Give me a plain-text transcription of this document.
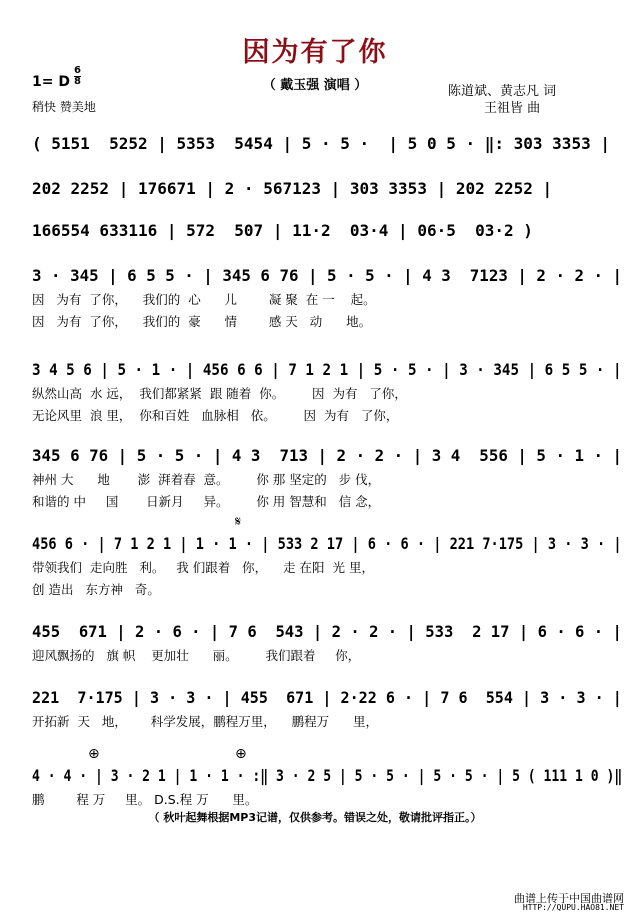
因为有了你
（ 戴玉强 演唱 ）
1= D
6
8
稍快 赞美地
陈道斌、黄志凡 词
王祖皆 曲
( 5151  5252 | 5353  5454 | 5 · 5 ·  | 5 0 5 · ‖: 303 3353 |
202 2252 | 176671 | 2 · 567123 | 303 3353 | 202 2252 |
166554 633116 | 572  507 | 11·2  03·4 | 06·5  03·2 )
3 · 345 | 6 5 5 · | 345 6 76 | 5 · 5 · | 4 3  7123 | 2 · 2 · |
因   为有  了你，    我们的  心      儿        凝 聚  在 一    起。
因   为有  了你，    我们的  豪      情        感 天   动      地。
3 4 5 6 | 5 · 1 · | 456 6 6 | 7 1 2 1 | 5 · 5 · | 3 · 345 | 6 5 5 · |
纵然山高  水 远，  我们都紧紧  跟 随着  你。       因  为有   了你，
无论风里  浪 里，  你和百姓   血脉相   依。       因  为有   了你，
345 6 76 | 5 · 5 · | 4 3  713 | 2 · 2 · | 3 4  556 | 5 · 1 · |
神州 大      地       澎  湃着春  意。       你 那 坚定的   步 伐，
和谐的 中     国       日新月     异。       你 用 智慧和   信 念，
𝄋
456 6 · | 7 1 2 1 | 1 · 1 · | 533 2 17 | 6 · 6 · | 221 7·175 | 3 · 3 · |
带领我们  走向胜   利。   我 们跟着   你，    走 在阳  光 里，
创 造出   东方神   奇。
455  671 | 2 · 6 · | 7 6  543 | 2 · 2 · | 533  2 17 | 6 · 6 · |
迎风飘扬的   旗 帜    更加壮      丽。       我们跟着     你，
221  7·175 | 3 · 3 · | 455  671 | 2·22 6 · | 7 6  554 | 3 · 3 · |
开拓新  天   地，      科学发展，鹏程万里，    鹏程万      里，
⊕	⊕
4 · 4 · | 3 · 2 1 | 1 · 1 · :‖ 3 · 2 5 | 5 · 5 · | 5 · 5 · | 5 ( 111 1 0 )‖
鹏        程 万     里。 D.S.程 万      里。
（ 秋叶起舞根据MP3记谱，仅供参考。错误之处，敬请批评指正。）
曲谱上传于中国曲谱网
HTTP://QUPU.HAO81.NET
